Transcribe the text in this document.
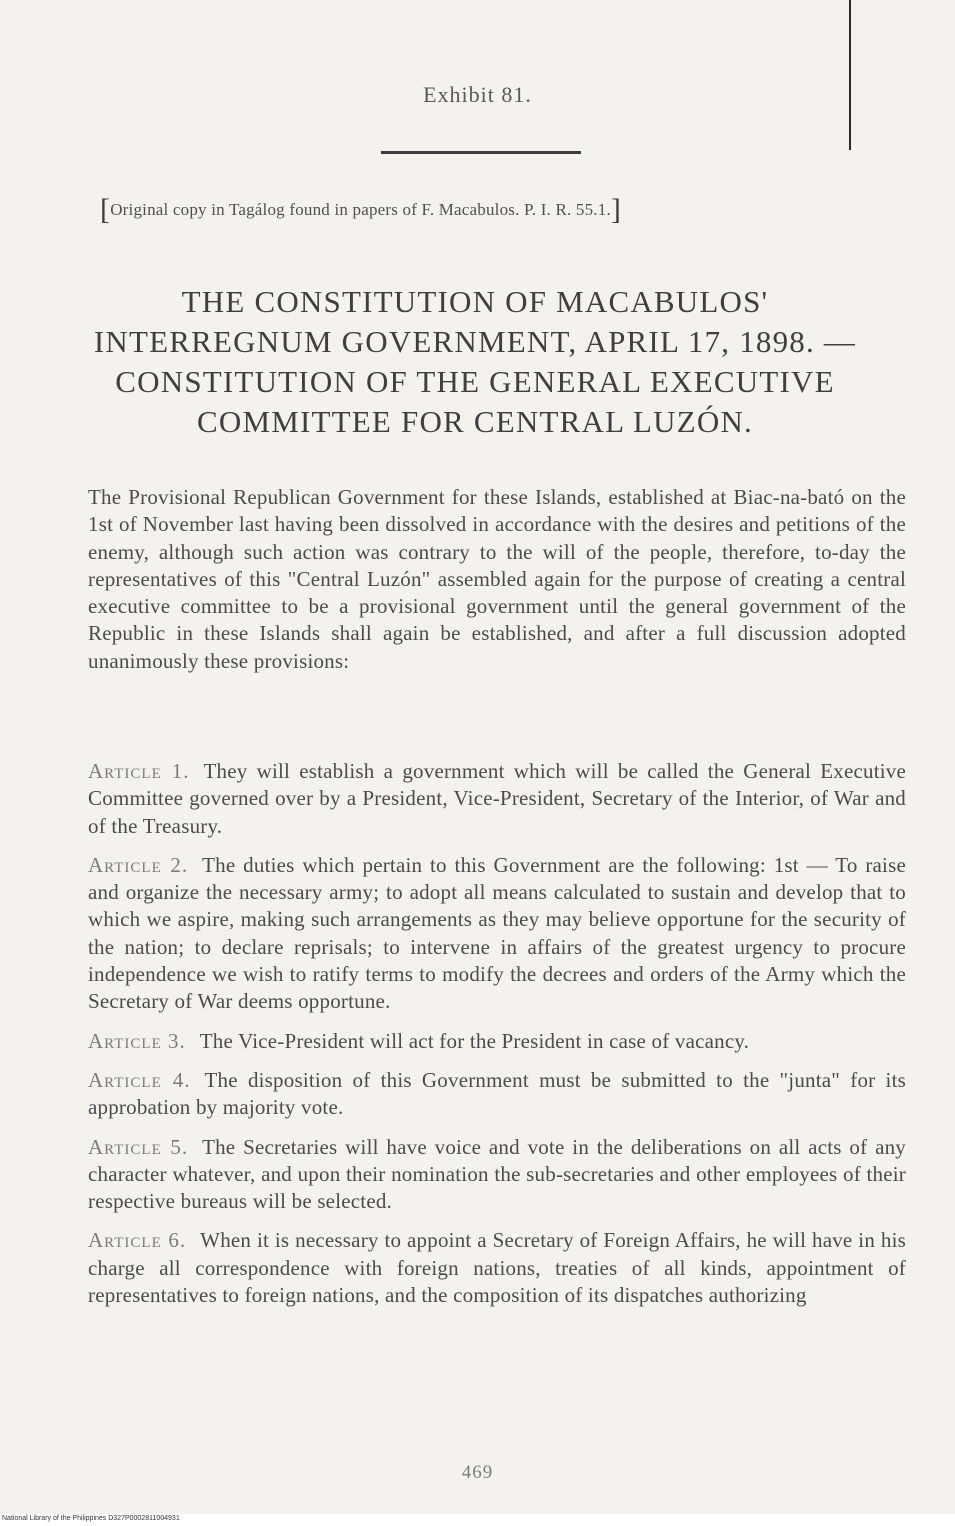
Exhibit 81.
[Original copy in Tagálog found in papers of F. Macabulos. P. I. R. 55.1.]
THE CONSTITUTION OF MACABULOS'
INTERREGNUM GOVERNMENT, APRIL 17, 1898. —
CONSTITUTION OF THE GENERAL EXECUTIVE
COMMITTEE FOR CENTRAL LUZÓN.

The Provisional Republican Government for these Islands, established at Biac-na-bató on the 1st of November last having been dissolved in accordance with the desires and petitions of the enemy, although such action was contrary to the will of the people, therefore, to-day the representatives of this "Central Luzón" assembled again for the purpose of creating a central executive committee to be a provisional government until the general government of the Republic in these Islands shall again be established, and after a full discussion adopted unanimously these provisions:

Article 1. They will establish a government which will be called the General Executive Committee governed over by a President, Vice-President, Secretary of the Interior, of War and of the Treasury.

Article 2. The duties which pertain to this Government are the following: 1st — To raise and organize the necessary army; to adopt all means calculated to sustain and develop that to which we aspire, making such arrangements as they may believe opportune for the security of the nation; to declare reprisals; to intervene in affairs of the greatest urgency to procure independence we wish to ratify terms to modify the decrees and orders of the Army which the Secretary of War deems opportune.

Article 3. The Vice-President will act for the President in case of vacancy.

Article 4. The disposition of this Government must be submitted to the "junta" for its approbation by majority vote.

Article 5. The Secretaries will have voice and vote in the deliberations on all acts of any character whatever, and upon their nomination the sub-secretaries and other employees of their respective bureaus will be selected.

Article 6. When it is necessary to appoint a Secretary of Foreign Affairs, he will have in his charge all correspondence with foreign nations, treaties of all kinds, appointment of representatives to foreign nations, and the composition of its dispatches authorizing

469
National Library of the Philippines D327P0002811004931
